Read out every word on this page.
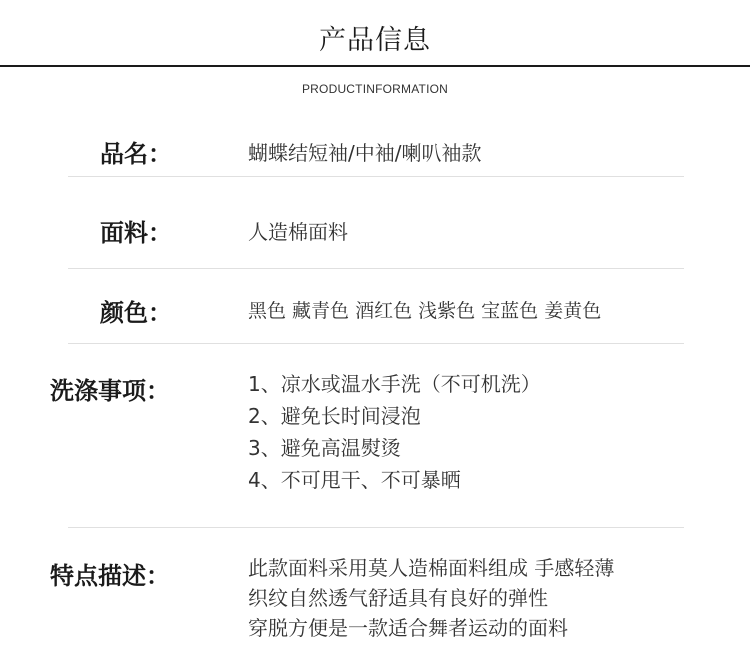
产品信息
PRODUCTINFORMATION
品名：	蝴蝶结短袖/中袖/喇叭袖款
面料：	人造棉面料
颜色：	黑色 藏青色 酒红色 浅紫色 宝蓝色 姜黄色
洗涤事项：	1、凉水或温水手洗（不可机洗）
2、避免长时间浸泡
3、避免高温熨烫
4、不可甩干、不可暴晒
特点描述：	此款面料采用莫人造棉面料组成 手感轻薄
织纹自然透气舒适具有良好的弹性
穿脱方便是一款适合舞者运动的面料
